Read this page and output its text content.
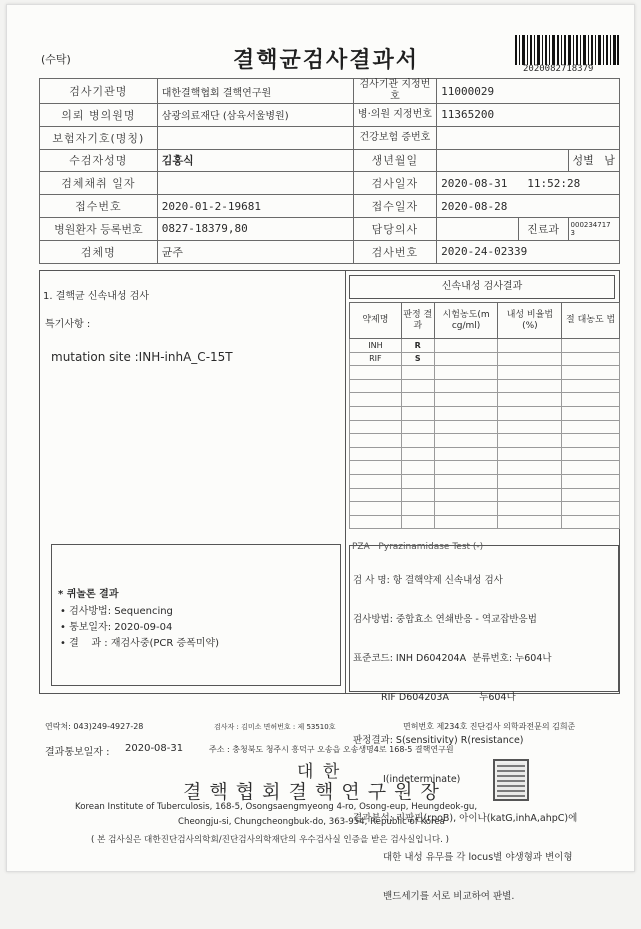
(수탁)	결핵균검사결과서	2020082718379
검사기관명	대한결핵협회 결핵연구원	검사기관 지정번호	11000029		
의뢰 병의원명	삼광의료재단 (삼육서울병원)	병·의원 지정번호	11365200		
보험자기호(명칭)		건강보험 증번호			
수검자성명	김홍식	생년월일			성별 남
검체채취 일자		검사일자	2020-08-31   11:52:28		
접수번호	2020-01-2-19681	접수일자	2020-08-28		
병원환자 등록번호	0827-18379,80	담당의사		진료과	000234717 3
검체명	균주	검사번호	2020-24-02339		
1. 결핵균 신속내성 검사
특기사항 :
mutation site :INH-inhA_C-15T
* 퀴놀론 결과
• 검사방법: Sequencing
• 통보일자: 2020-09-04
• 결    과 : 재검사중(PCR 증폭미약)
신속내성 검사결과
약제명	판정 결과	시험농도(m cg/ml)	내성 비율법(%)	절 대농도 법
INH	R			
RIF	S			

PZA   Pyrazinamidase Test (-)

검 사 명: 항 결핵약제 신속내성 검사

검사방법: 중합효소 연쇄반응 - 역교잡반응법

표준코드: INH D604204A  분류번호: 누604나

RIF D604203A          누604나

판정결과: S(sensitivity) R(resistance)

I(indeterminate)

결과분석: 리팜핀(rpoB), 아이나(katG,inhA,ahpC)에

대한 내성 유무를 각 locus별 야생형과 변이형

밴드세기를 서로 비교하여 판별.

연락처: 043)249-4927-28	검사자 : 김미소 면허번호 : 제 53510호	면허번호 제234호 진단검사 의학과전문의 김희준
결과통보일자 : 2020-08-31	주소 : 충청북도 청주시 흥덕구 오송읍 오송생명4로 168-5 결핵연구원
대 한
결 핵 협 회 결 핵 연 구 원 장
Korean Institute of Tuberculosis, 168-5, Osongsaengmyeong 4-ro, Osong-eup, Heungdeok-gu,
Cheongju-si, Chungcheongbuk-do, 363-954, Republic of Korea
( 본 검사실은 대한진단검사의학회/진단검사의학재단의 우수검사실 인증을 받은 검사실입니다. )
